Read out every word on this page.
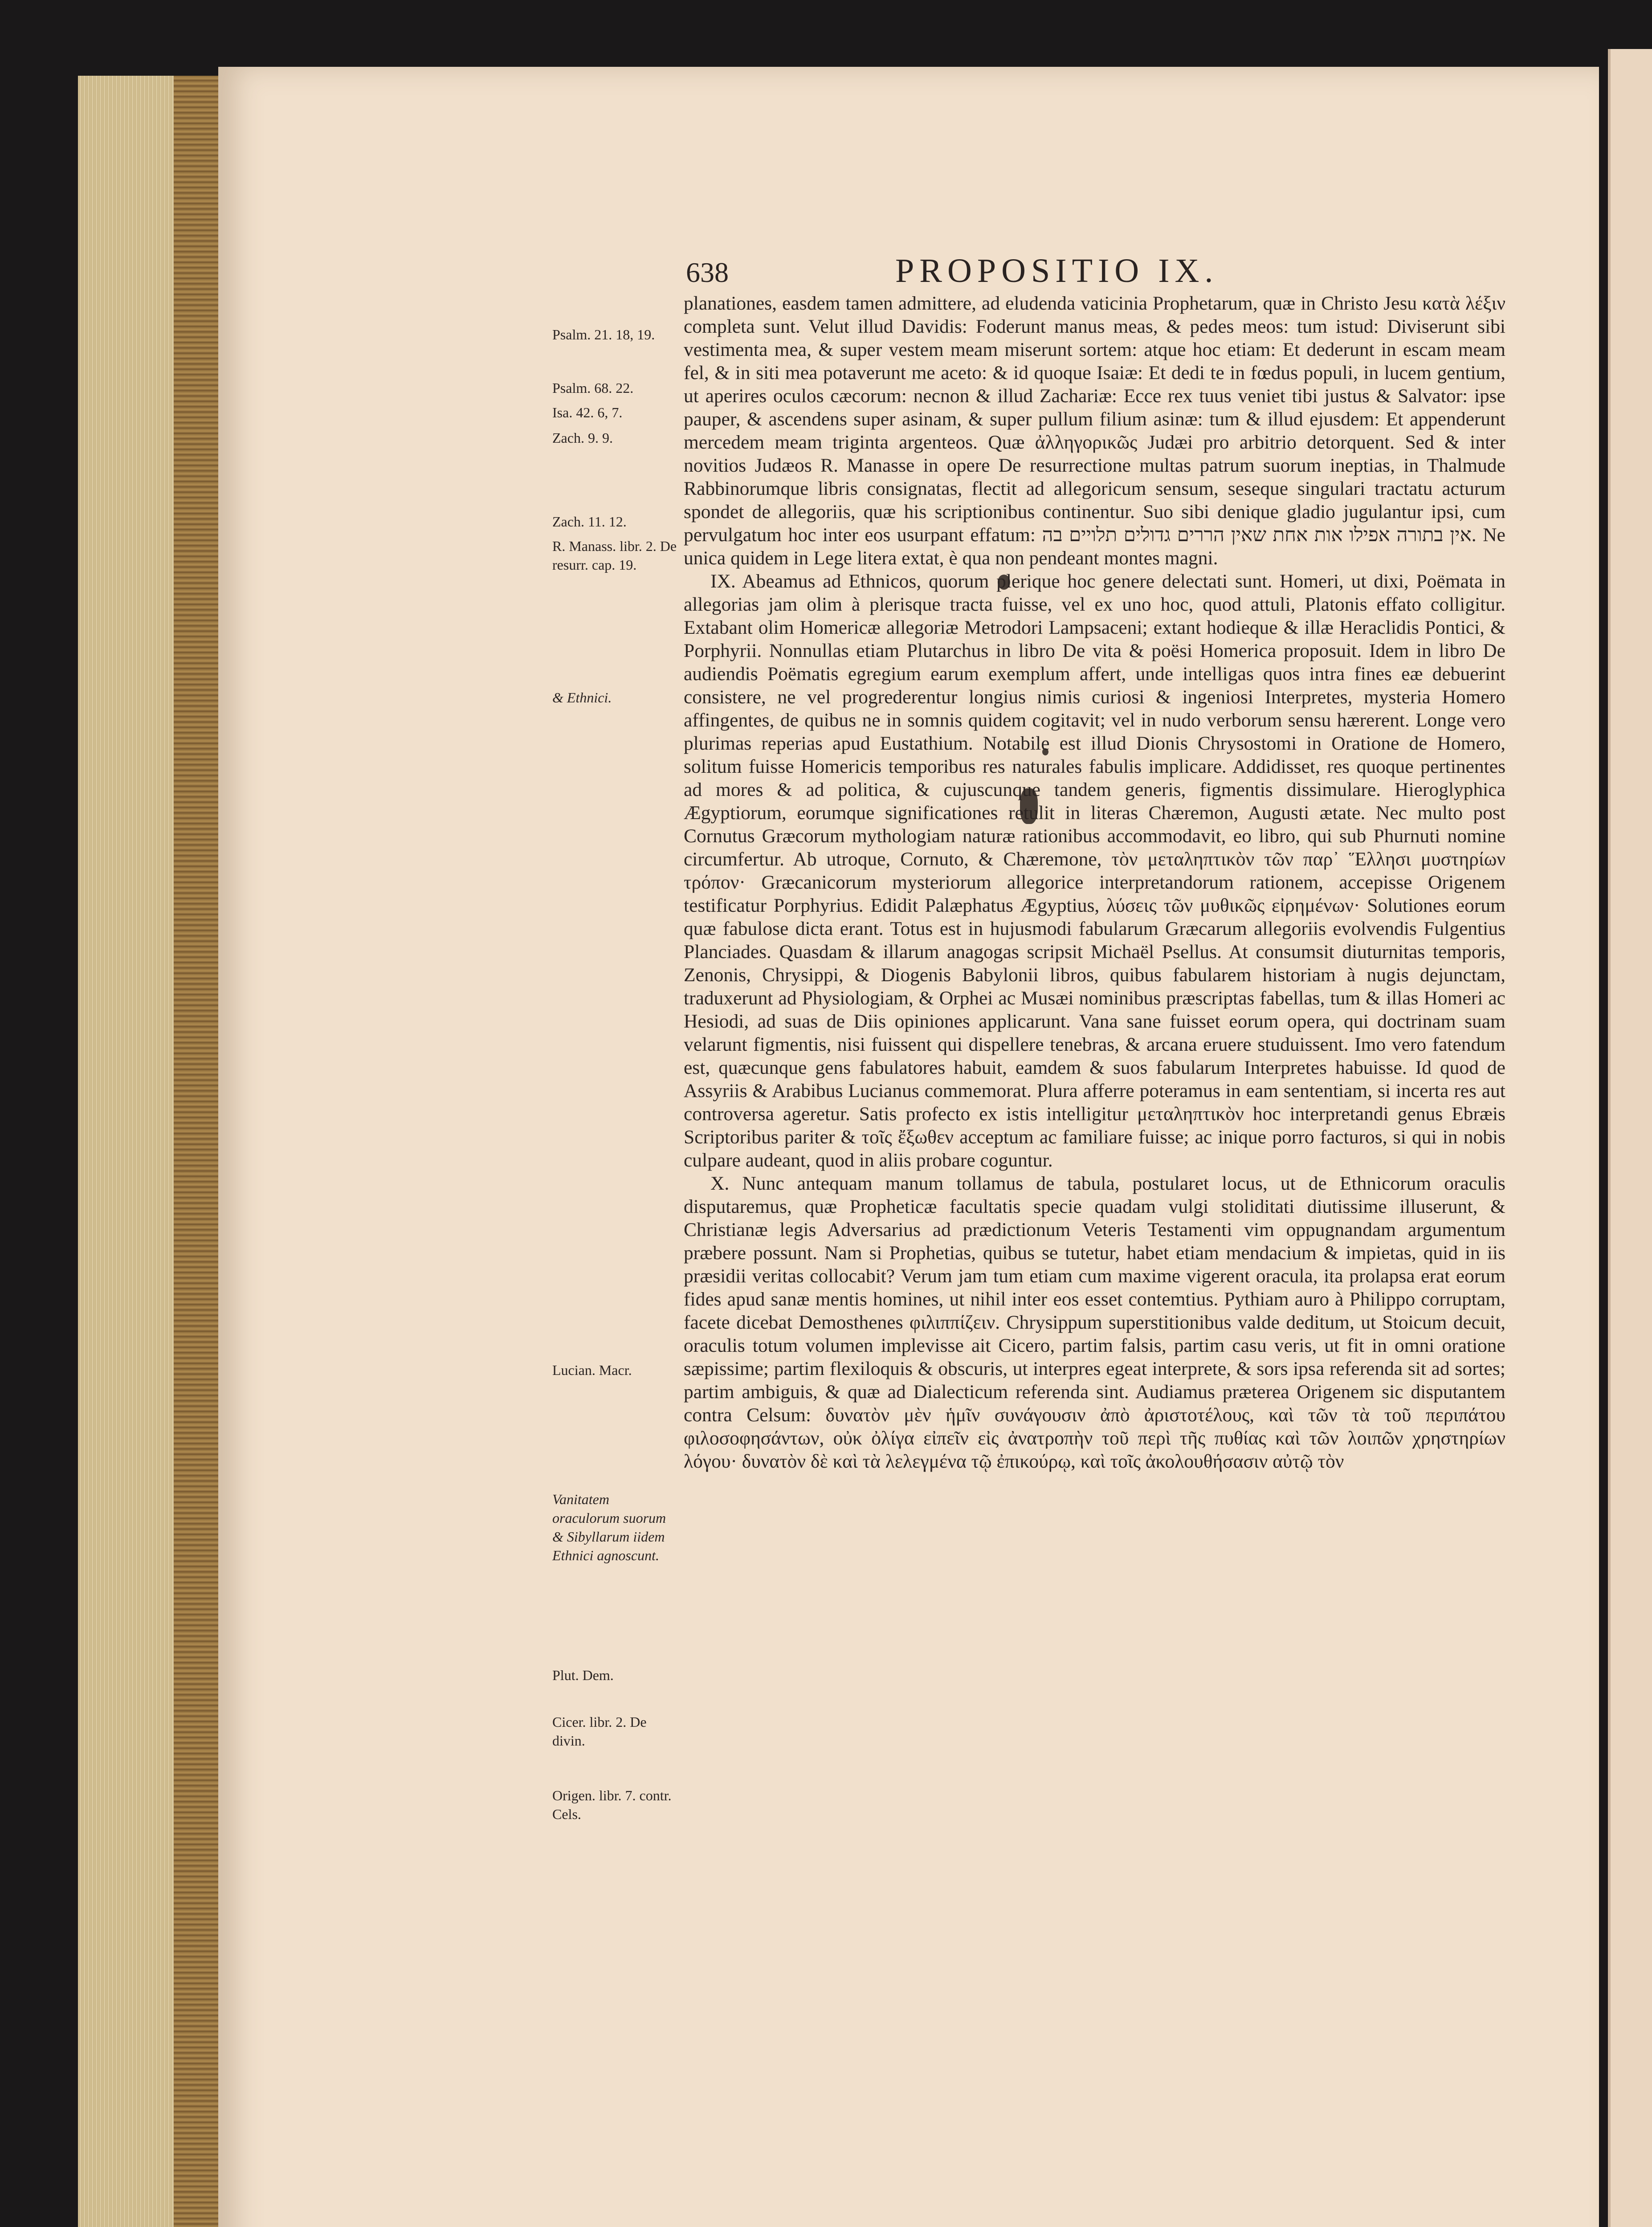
638	PROPOSITIO IX.

planationes, easdem tamen admittere, ad eludenda vaticinia Prophetarum, quæ in Christo Jesu κατὰ λέξιν completa sunt. Velut illud Davidis: Foderunt manus meas, & pedes meos: tum istud: Diviserunt sibi vestimenta mea, & super vestem meam miserunt sortem: atque hoc etiam: Et dederunt in escam meam fel, & in siti mea potaverunt me aceto: & id quoque Isaiæ: Et dedi te in fœdus populi, in lucem gentium, ut aperires oculos cæcorum: necnon & illud Zachariæ: Ecce rex tuus veniet tibi justus & Salvator: ipse pauper, & ascendens super asinam, & super pullum filium asinæ: tum & illud ejusdem: Et appenderunt mercedem meam triginta argenteos. Quæ ἀλληγορικῶς Judæi pro arbitrio detorquent. Sed & inter novitios Judæos R. Manasse in opere De resurrectione multas patrum suorum ineptias, in Thalmude Rabbinorumque libris consignatas, flectit ad allegoricum sensum, seseque singulari tractatu acturum spondet de allegoriis, quæ his scriptionibus continentur. Suo sibi denique gladio jugulantur ipsi, cum pervulgatum hoc inter eos usurpant effatum: אין בתורה אפילו אות אחת שאין הררים גדולים תלויים בה. Ne unica quidem in Lege litera extat, è qua non pendeant montes magni.

IX. Abeamus ad Ethnicos, quorum plerique hoc genere delectati sunt. Homeri, ut dixi, Poëmata in allegorias jam olim à plerisque tracta fuisse, vel ex uno hoc, quod attuli, Platonis effato colligitur. Extabant olim Homericæ allegoriæ Metrodori Lampsaceni; extant hodieque & illæ Heraclidis Pontici, & Porphyrii. Nonnullas etiam Plutarchus in libro De vita & poësi Homerica proposuit. Idem in libro De audiendis Poëmatis egregium earum exemplum affert, unde intelligas quos intra fines eæ debuerint consistere, ne vel progrederentur longius nimis curiosi & ingeniosi Interpretes, mysteria Homero affingentes, de quibus ne in somnis quidem cogitavit; vel in nudo verborum sensu hærerent. Longe vero plurimas reperias apud Eustathium. Notabile est illud Dionis Chrysostomi in Oratione de Homero, solitum fuisse Homericis temporibus res naturales fabulis implicare. Addidisset, res quoque pertinentes ad mores & ad politica, & cujuscunque tandem generis, figmentis dissimulare. Hieroglyphica Ægyptiorum, eorumque significationes retulit in literas Chæremon, Augusti ætate. Nec multo post Cornutus Græcorum mythologiam naturæ rationibus accommodavit, eo libro, qui sub Phurnuti nomine circumfertur. Ab utroque, Cornuto, & Chæremone, τὸν μεταληπτικὸν τῶν παρ᾽ Ἕλλησι μυστηρίων τρόπον· Græcanicorum mysteriorum allegorice interpretandorum rationem, accepisse Origenem testificatur Porphyrius. Edidit Palæphatus Ægyptius, λύσεις τῶν μυθικῶς εἰρημένων· Solutiones eorum quæ fabulose dicta erant. Totus est in hujusmodi fabularum Græcarum allegoriis evolvendis Fulgentius Planciades. Quasdam & illarum anagogas scripsit Michaël Psellus. At consumsit diuturnitas temporis, Zenonis, Chrysippi, & Diogenis Babylonii libros, quibus fabularem historiam à nugis dejunctam, traduxerunt ad Physiologiam, & Orphei ac Musæi nominibus præscriptas fabellas, tum & illas Homeri ac Hesiodi, ad suas de Diis opiniones applicarunt. Vana sane fuisset eorum opera, qui doctrinam suam velarunt figmentis, nisi fuissent qui dispellere tenebras, & arcana eruere studuissent. Imo vero fatendum est, quæcunque gens fabulatores habuit, eamdem & suos fabularum Interpretes habuisse. Id quod de Assyriis & Arabibus Lucianus commemorat. Plura afferre poteramus in eam sententiam, si incerta res aut controversa ageretur. Satis profecto ex istis intelligitur μεταληπτικὸν hoc interpretandi genus Ebræis Scriptoribus pariter & τοῖς ἔξωθεν acceptum ac familiare fuisse; ac inique porro facturos, si qui in nobis culpare audeant, quod in aliis probare coguntur.

X. Nunc antequam manum tollamus de tabula, postularet locus, ut de Ethnicorum oraculis disputaremus, quæ Propheticæ facultatis specie quadam vulgi stoliditati diutissime illuserunt, & Christianæ legis Adversarius ad prædictionum Veteris Testamenti vim oppugnandam argumentum præbere possunt. Nam si Prophetias, quibus se tutetur, habet etiam mendacium & impietas, quid in iis præsidii veritas collocabit? Verum jam tum etiam cum maxime vigerent oracula, ita prolapsa erat eorum fides apud sanæ mentis homines, ut nihil inter eos esset contemtius. Pythiam auro à Philippo corruptam, facete dicebat Demosthenes φιλιππίζειν. Chrysippum superstitionibus valde deditum, ut Stoicum decuit, oraculis totum volumen implevisse ait Cicero, partim falsis, partim casu veris, ut fit in omni oratione sæpissime; partim flexiloquis & obscuris, ut interpres egeat interprete, & sors ipsa referenda sit ad sortes; partim ambiguis, & quæ ad Dialecticum referenda sint. Audiamus præterea Origenem sic disputantem contra Celsum: δυνατὸν μὲν ἡμῖν συνάγουσιν ἀπὸ ἀριστοτέλους, καὶ τῶν τὰ τοῦ περιπάτου φιλοσοφησάντων, οὐκ ὀλίγα εἰπεῖν εἰς ἀνατροπὴν τοῦ περὶ τῆς πυθίας καὶ τῶν λοιπῶν χρηστηρίων λόγου· δυνατὸν δὲ καὶ τὰ λελεγμένα τῷ ἐπικούρῳ, καὶ τοῖς ἀκολουθήσασιν αὐτῷ τὸν

Psalm. 21. 18, 19.
Psalm. 68. 22.
Isa. 42. 6, 7.
Zach. 9. 9.
Zach. 11. 12.
R. Manass. libr. 2. De resurr. cap. 19.
& Ethnici.
Lucian. Macr.
Vanitatem oraculorum suorum & Sibyllarum iidem Ethnici agnoscunt.
Plut. Dem.
Cicer. libr. 2. De divin.
Origen. libr. 7. contr. Cels.
